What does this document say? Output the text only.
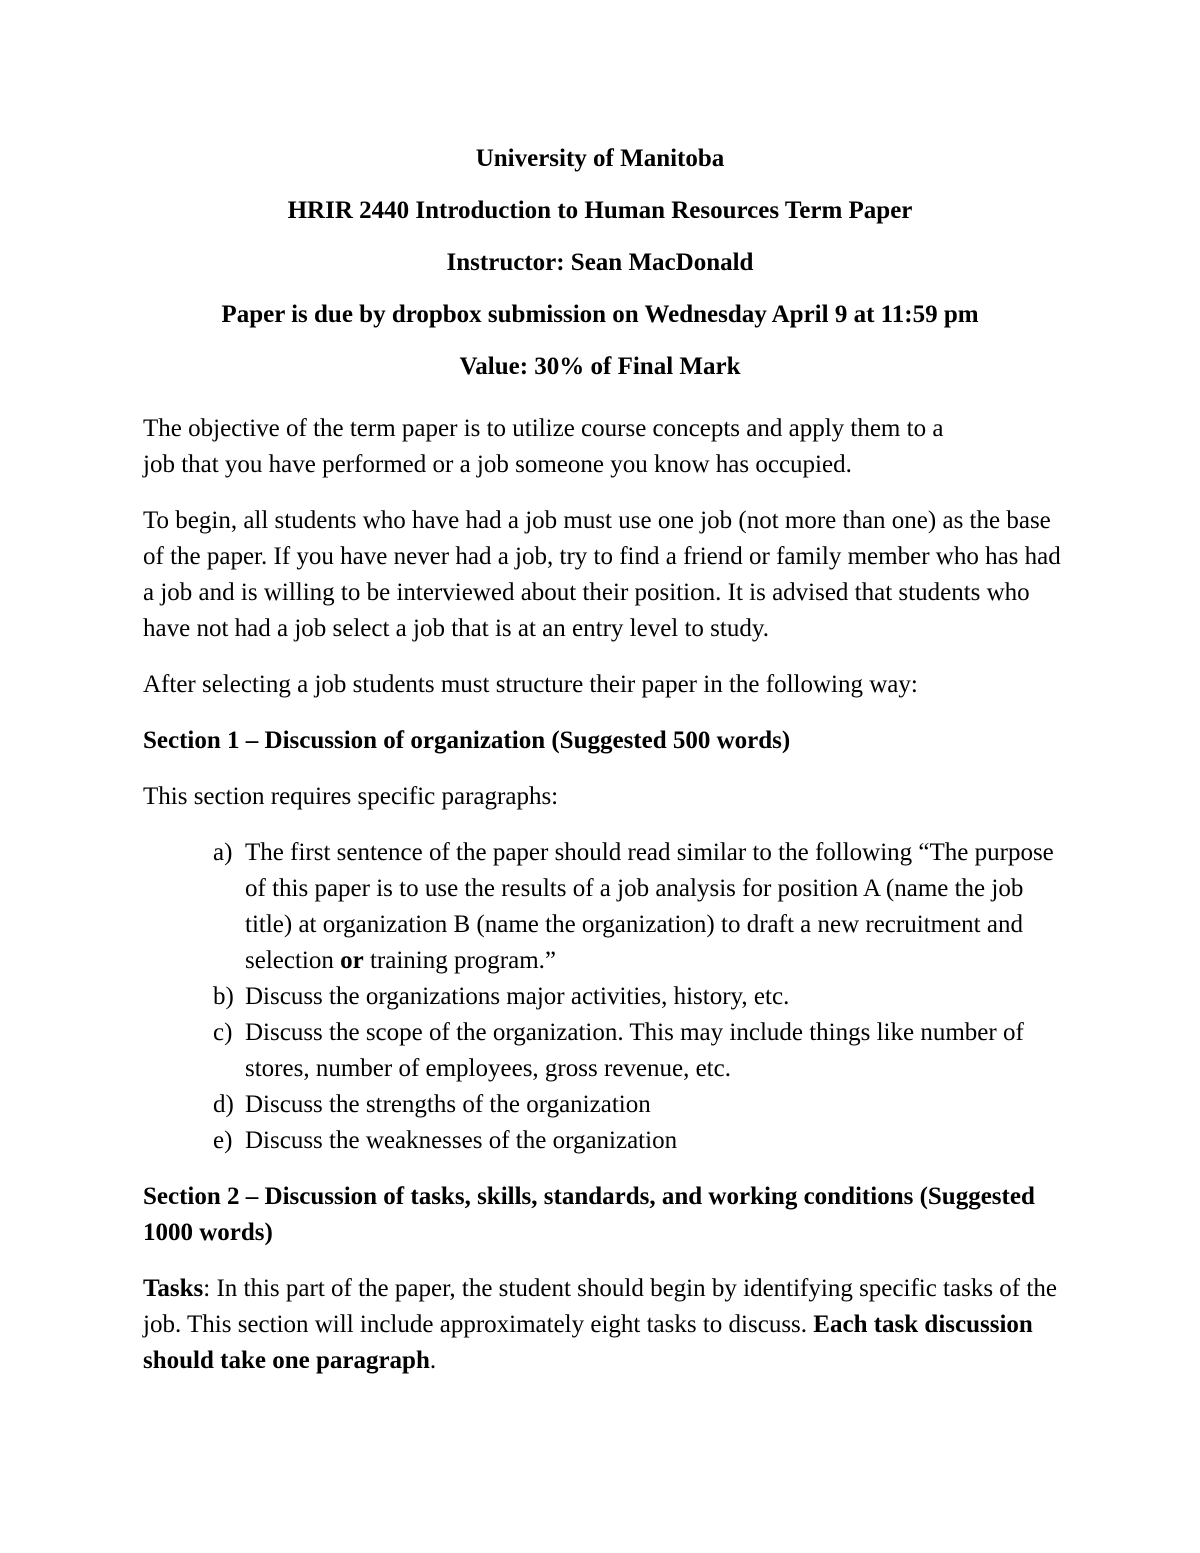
University of Manitoba
HRIR 2440 Introduction to Human Resources Term Paper
Instructor: Sean MacDonald
Paper is due by dropbox submission on Wednesday April 9 at 11:59 pm
Value: 30% of Final Mark
The objective of the term paper is to utilize course concepts and apply them to a
job that you have performed or a job someone you know has occupied.

To begin, all students who have had a job must use one job (not more than one) as the base of the paper. If you have never had a job, try to find a friend or family member who has had a job and is willing to be interviewed about their position. It is advised that students who have not had a job select a job that is at an entry level to study.

After selecting a job students must structure their paper in the following way:

Section 1 – Discussion of organization (Suggested 500 words)

This section requires specific paragraphs:

a) The first sentence of the paper should read similar to the following “The purpose of this paper is to use the results of a job analysis for position A (name the job title) at organization B (name the organization) to draft a new recruitment and selection or training program.”
b) Discuss the organizations major activities, history, etc.
c) Discuss the scope of the organization. This may include things like number of stores, number of employees, gross revenue, etc.
d) Discuss the strengths of the organization
e) Discuss the weaknesses of the organization

Section 2 – Discussion of tasks, skills, standards, and working conditions (Suggested 1000 words)

Tasks: In this part of the paper, the student should begin by identifying specific tasks of the job. This section will include approximately eight tasks to discuss. Each task discussion should take one paragraph.
